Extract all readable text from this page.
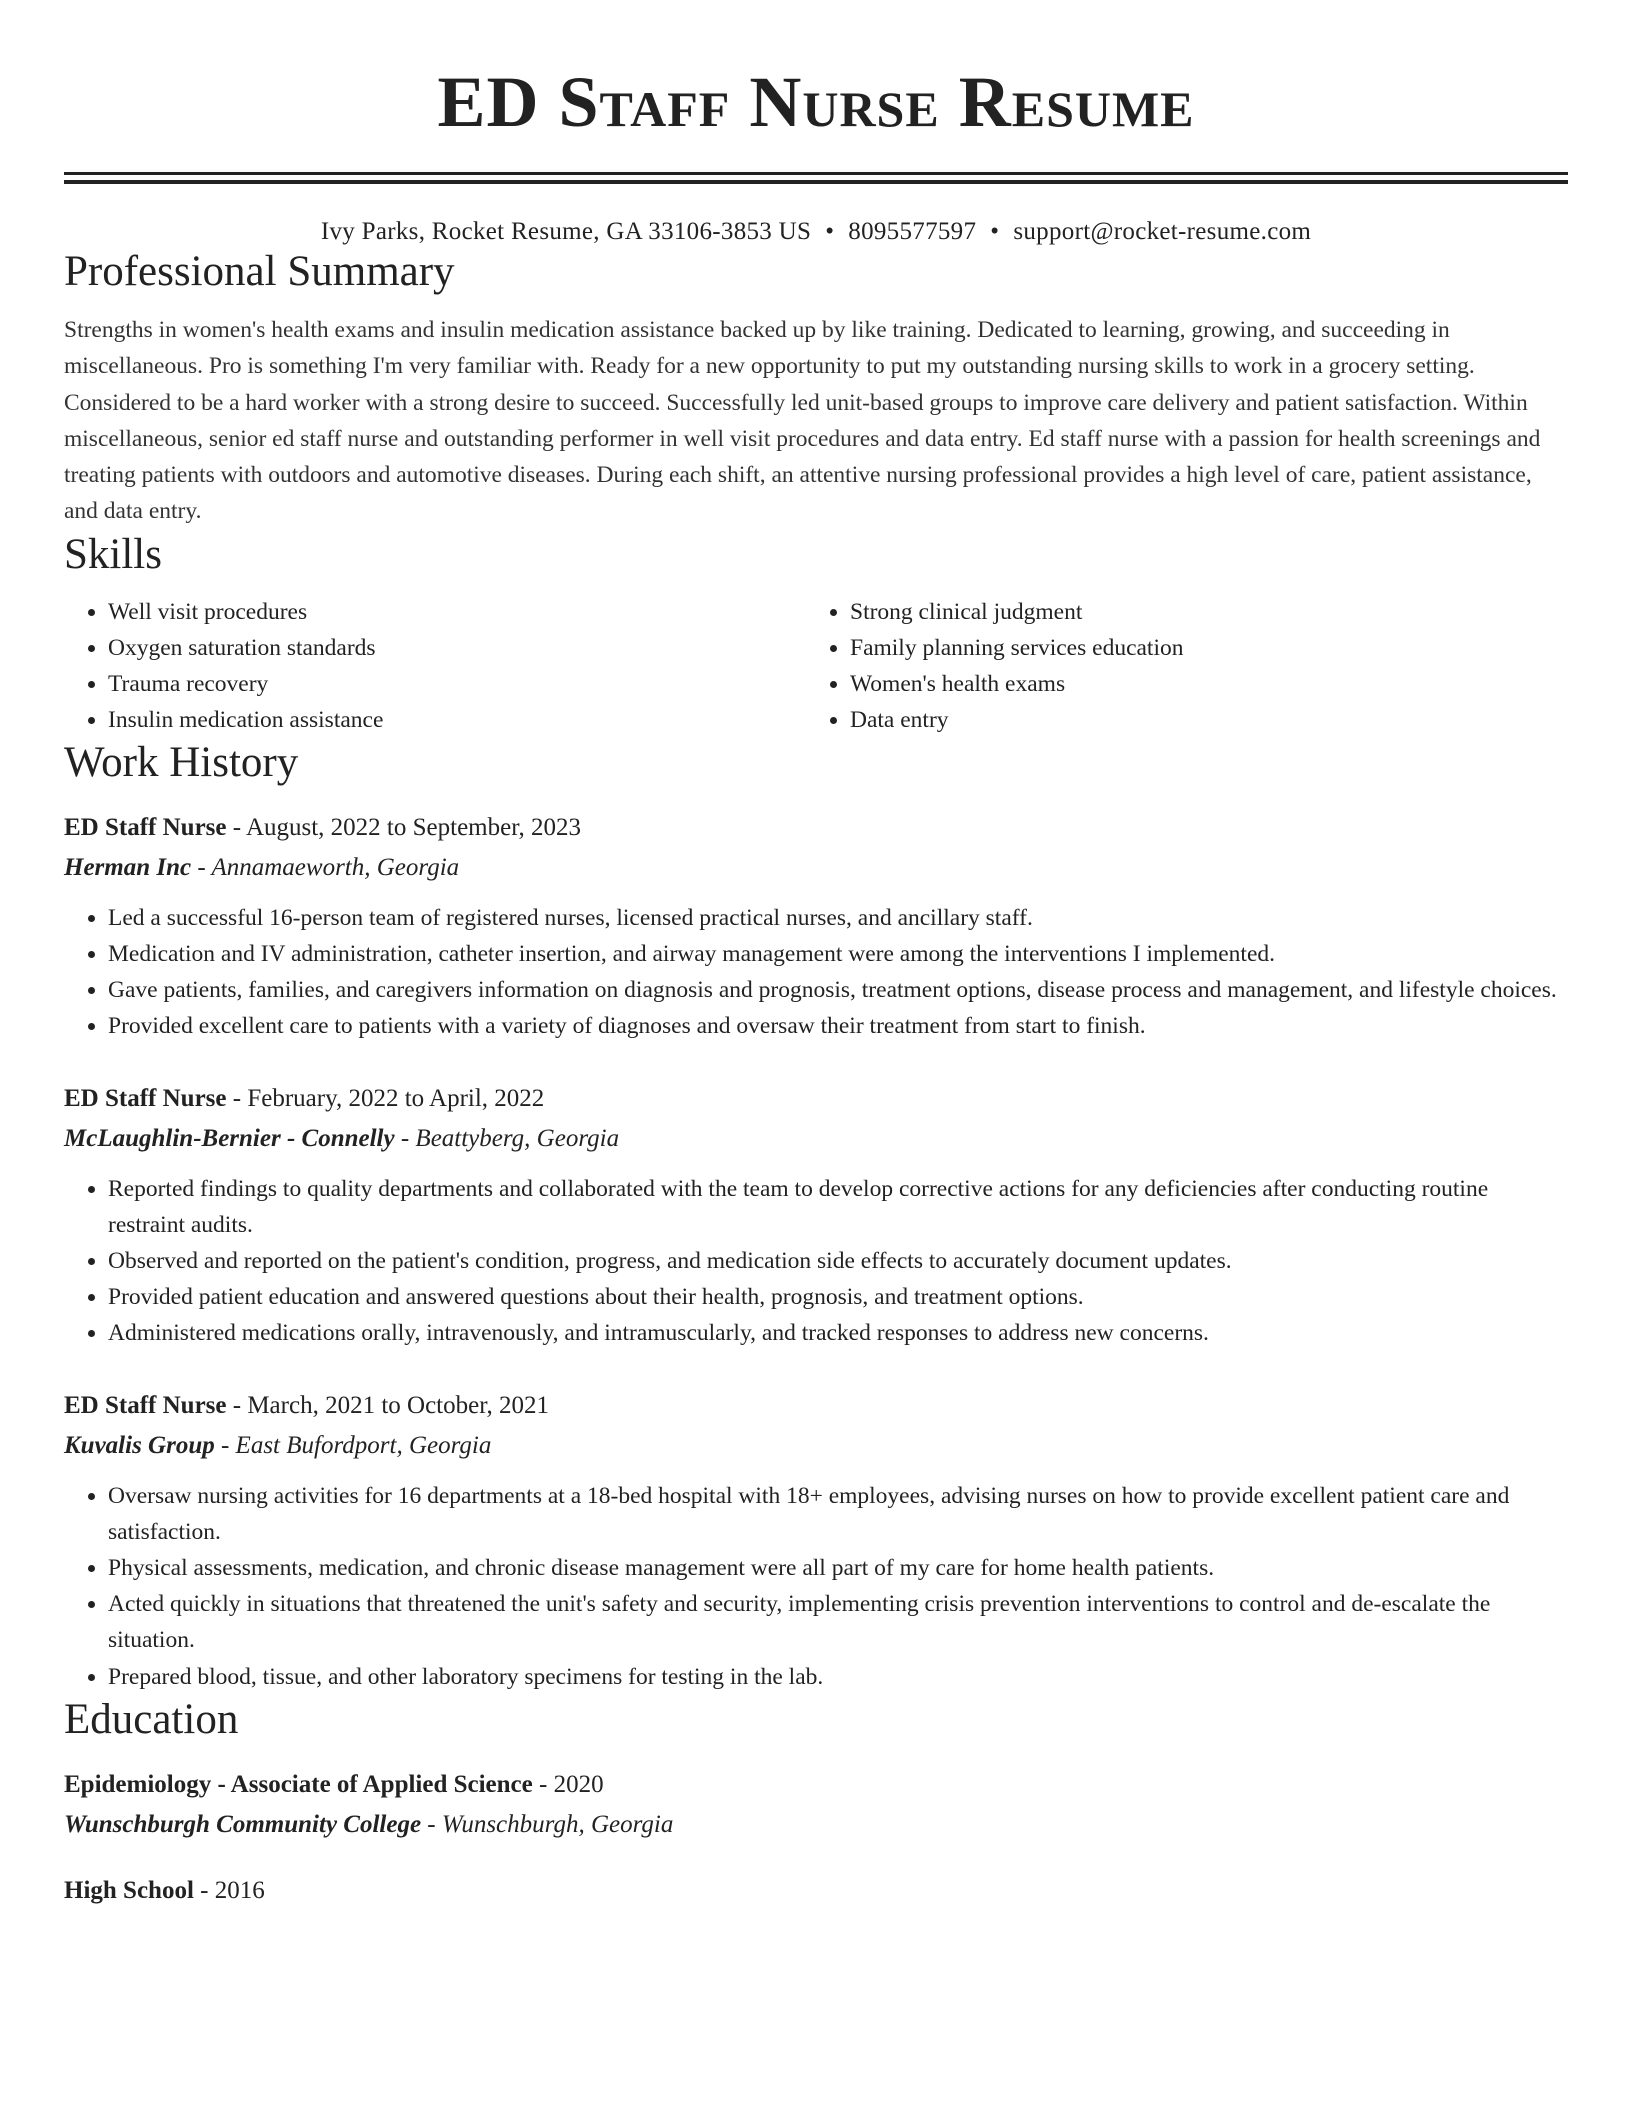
ED Staff Nurse Resume
Ivy Parks, Rocket Resume, GA 33106-3853 US • 8095577597 • support@rocket-resume.com
Professional Summary
Strengths in women's health exams and insulin medication assistance backed up by like training. Dedicated to learning, growing, and succeeding in miscellaneous. Pro is something I'm very familiar with. Ready for a new opportunity to put my outstanding nursing skills to work in a grocery setting. Considered to be a hard worker with a strong desire to succeed. Successfully led unit-based groups to improve care delivery and patient satisfaction. Within miscellaneous, senior ed staff nurse and outstanding performer in well visit procedures and data entry. Ed staff nurse with a passion for health screenings and treating patients with outdoors and automotive diseases. During each shift, an attentive nursing professional provides a high level of care, patient assistance, and data entry.
Skills
• Well visit procedures
• Oxygen saturation standards
• Trauma recovery
• Insulin medication assistance
• Strong clinical judgment
• Family planning services education
• Women's health exams
• Data entry
Work History
ED Staff Nurse - August, 2022 to September, 2023
Herman Inc - Annamaeworth, Georgia
• Led a successful 16-person team of registered nurses, licensed practical nurses, and ancillary staff.
• Medication and IV administration, catheter insertion, and airway management were among the interventions I implemented.
• Gave patients, families, and caregivers information on diagnosis and prognosis, treatment options, disease process and management, and lifestyle choices.
• Provided excellent care to patients with a variety of diagnoses and oversaw their treatment from start to finish.
ED Staff Nurse - February, 2022 to April, 2022
McLaughlin-Bernier - Connelly - Beattyberg, Georgia
• Reported findings to quality departments and collaborated with the team to develop corrective actions for any deficiencies after conducting routine restraint audits.
• Observed and reported on the patient's condition, progress, and medication side effects to accurately document updates.
• Provided patient education and answered questions about their health, prognosis, and treatment options.
• Administered medications orally, intravenously, and intramuscularly, and tracked responses to address new concerns.
ED Staff Nurse - March, 2021 to October, 2021
Kuvalis Group - East Bufordport, Georgia
• Oversaw nursing activities for 16 departments at a 18-bed hospital with 18+ employees, advising nurses on how to provide excellent patient care and satisfaction.
• Physical assessments, medication, and chronic disease management were all part of my care for home health patients.
• Acted quickly in situations that threatened the unit's safety and security, implementing crisis prevention interventions to control and de-escalate the situation.
• Prepared blood, tissue, and other laboratory specimens for testing in the lab.
Education
Epidemiology - Associate of Applied Science - 2020
Wunschburgh Community College - Wunschburgh, Georgia
High School - 2016
